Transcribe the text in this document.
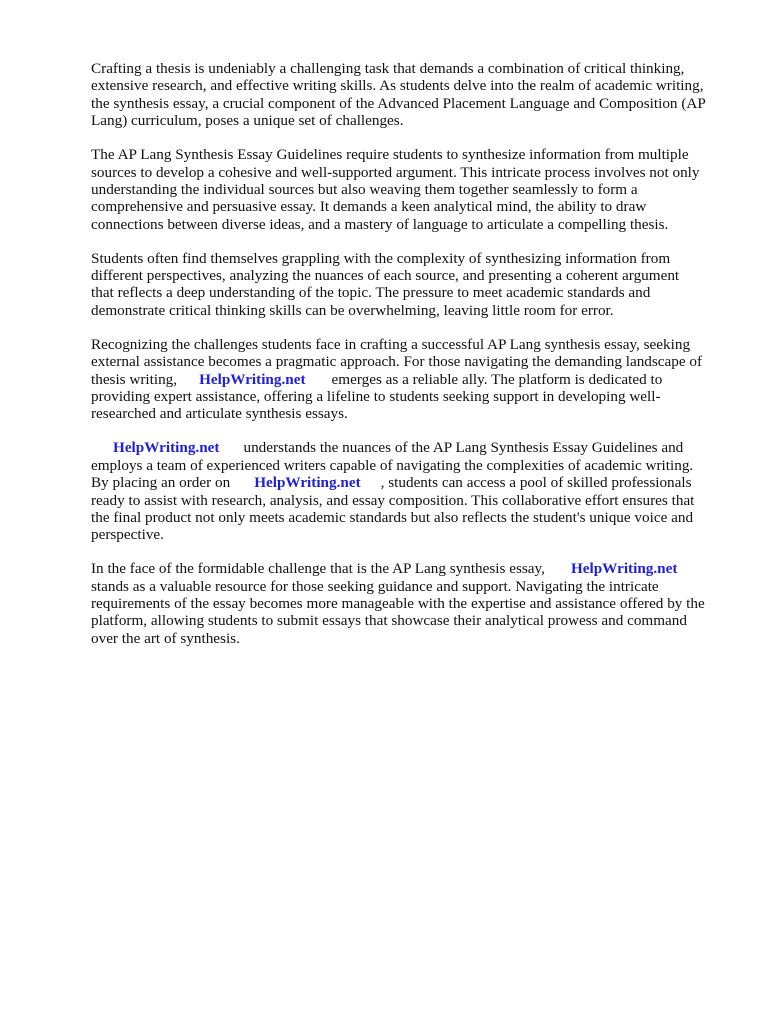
Crafting a thesis is undeniably a challenging task that demands a combination of critical thinking,
extensive research, and effective writing skills. As students delve into the realm of academic writing,
the synthesis essay, a crucial component of the Advanced Placement Language and Composition (AP
Lang) curriculum, poses a unique set of challenges.

The AP Lang Synthesis Essay Guidelines require students to synthesize information from multiple
sources to develop a cohesive and well-supported argument. This intricate process involves not only
understanding the individual sources but also weaving them together seamlessly to form a
comprehensive and persuasive essay. It demands a keen analytical mind, the ability to draw
connections between diverse ideas, and a mastery of language to articulate a compelling thesis.

Students often find themselves grappling with the complexity of synthesizing information from
different perspectives, analyzing the nuances of each source, and presenting a coherent argument
that reflects a deep understanding of the topic. The pressure to meet academic standards and
demonstrate critical thinking skills can be overwhelming, leaving little room for error.

Recognizing the challenges students face in crafting a successful AP Lang synthesis essay, seeking
external assistance becomes a pragmatic approach. For those navigating the demanding landscape of
thesis writing, HelpWriting.net emerges as a reliable ally. The platform is dedicated to
providing expert assistance, offering a lifeline to students seeking support in developing well-
researched and articulate synthesis essays.

HelpWriting.net understands the nuances of the AP Lang Synthesis Essay Guidelines and
employs a team of experienced writers capable of navigating the complexities of academic writing.
By placing an order on HelpWriting.net , students can access a pool of skilled professionals
ready to assist with research, analysis, and essay composition. This collaborative effort ensures that
the final product not only meets academic standards but also reflects the student's unique voice and
perspective.

In the face of the formidable challenge that is the AP Lang synthesis essay, HelpWriting.net
stands as a valuable resource for those seeking guidance and support. Navigating the intricate
requirements of the essay becomes more manageable with the expertise and assistance offered by the
platform, allowing students to submit essays that showcase their analytical prowess and command
over the art of synthesis.
